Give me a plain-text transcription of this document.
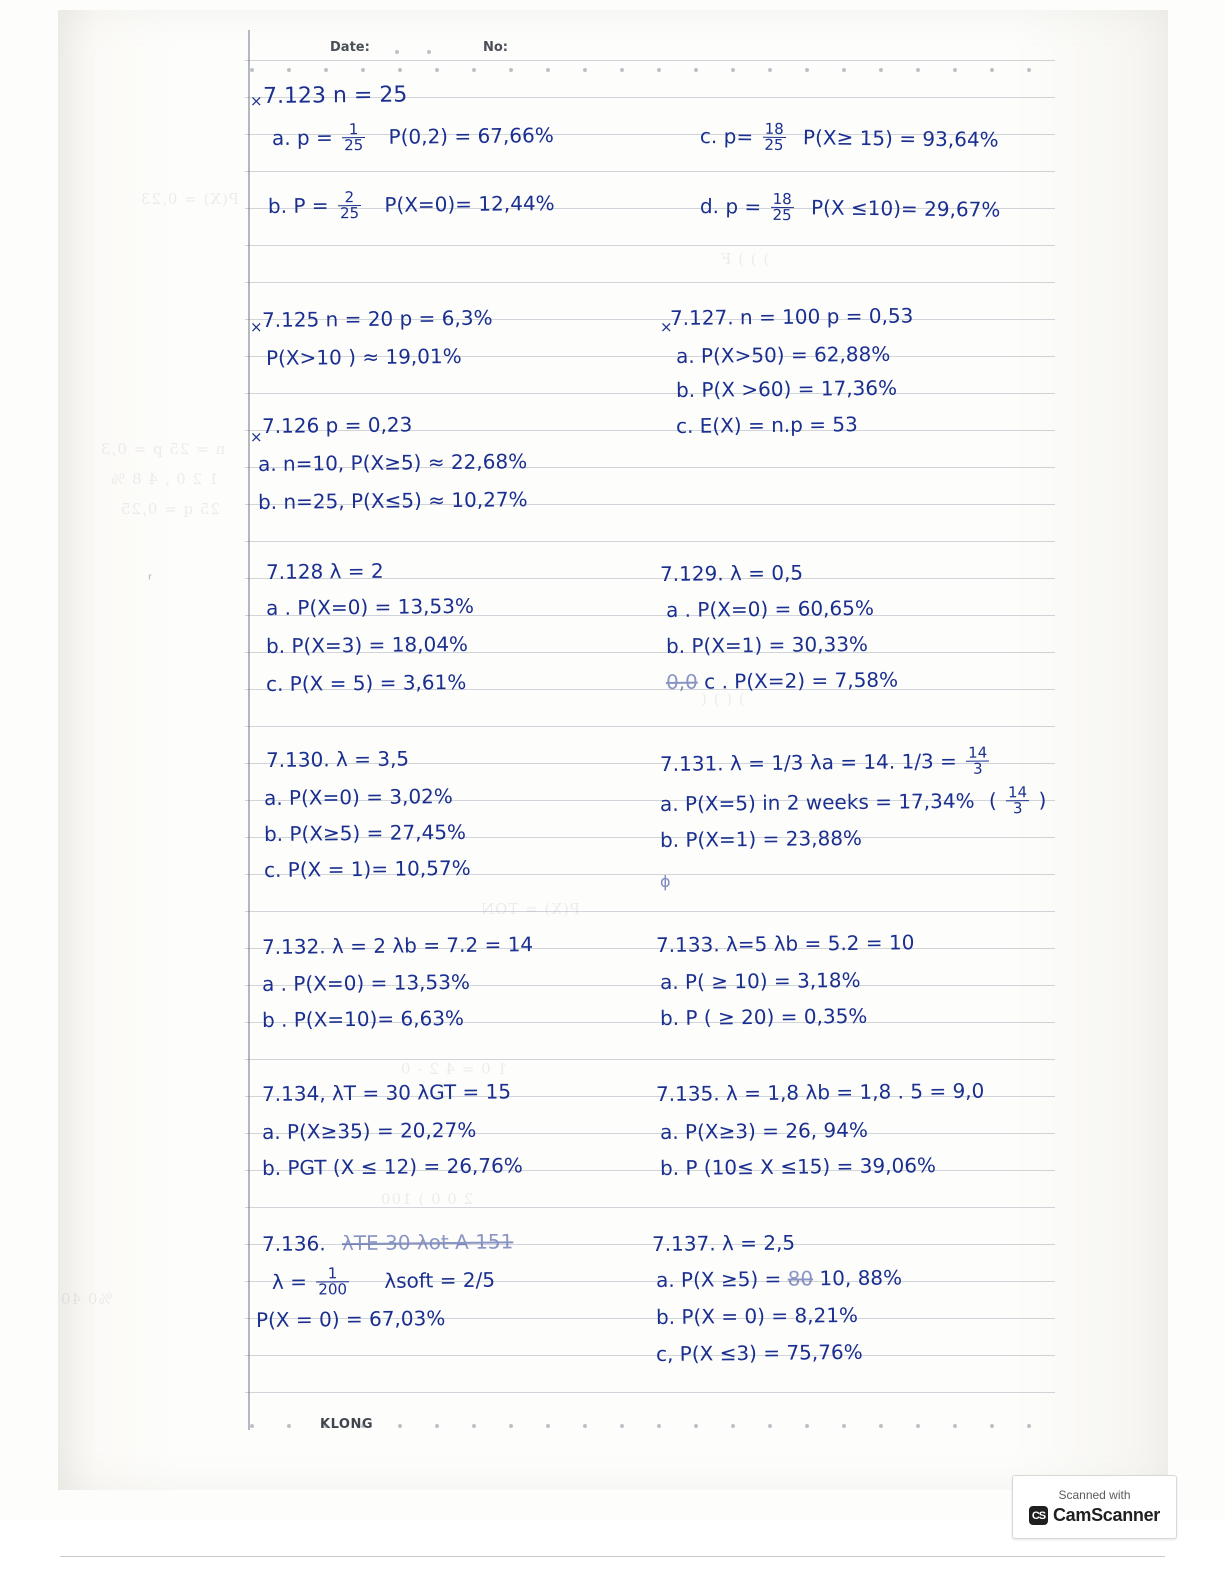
Date:	No:
KLONG
× 7.123 n = 25
a. $p = \frac{1}{25} P(0,2) = 67,66\%$
b. $P = \frac{2}{25} P(X=0)= 12,44\%$
c. $p= \frac{18}{25} P(X\ge 15) = 93,64\%$
d. $p = \frac{18}{25} P(X \le 10)= 29,67\%$
× 7.125 n = 20 p = 6,3%
P(X>10 ) ≈ 19,01%
×
7.127. n = 100 p = 0,53
a. P(X>50) = 62,88%
b. P(X >60) = 17,36%
c. E(X) = n.p = 53
× 7.126 p = 0,23
a. n=10, P(X≥5) ≈ 22,68%
b. n=25, P(X≤5) ≈ 10,27%
7.128 λ = 2
a . P(X=0) = 13,53%
b. P(X=3) = 18,04%
c. P(X = 5) = 3,61%
7.129. λ = 0,5
a . P(X=0) = 60,65%
b. P(X=1) = 30,33%
0,0 c . P(X=2) = 7,58%
7.130. λ = 3,5
a. P(X=0) = 3,02%
b. P(X≥5) = 27,45%
c. P(X = 1)= 10,57%
7.131. λ = 1/3 λa = 14. $1/3 = \frac{14}{3}$
a. P(X=5) in 2 weeks = 17,34% ( $\frac{14}{3}$ )
b. P(X=1) = 23,88%
7.132. λ = 2 λb = 7.2 = 14
a . P(X=0) = 13,53%
b . P(X=10)= 6,63%
7.133. λ=5 λb = 5.2 = 10
a. P( ≥ 10) = 3,18%
b. P ( ≥ 20) = 0,35%
7.134, λT = 30 λGT = 15
a. P(X≥35) = 20,27%
b. PGT (X ≤ 12) = 26,76%
7.135. λ = 1,8 λb = 1,8 . 5 = 9,0
a. P(X≥3) = 26, 94%
b. P (10≤ X ≤15) = 39,06%
7.136. λTE 30 λot A 151
$\lambda = \frac{1}{200}$ λsoft = 2/5
P(X = 0) = 67,03%
7.137. λ = 2,5
a. P(X ≥5) = 80 10, 88%
b. P(X = 0) = 8,21%
c, P(X ≤3) = 75,76%
ϕ
ʳ
Scanned with
CS CamScanner
